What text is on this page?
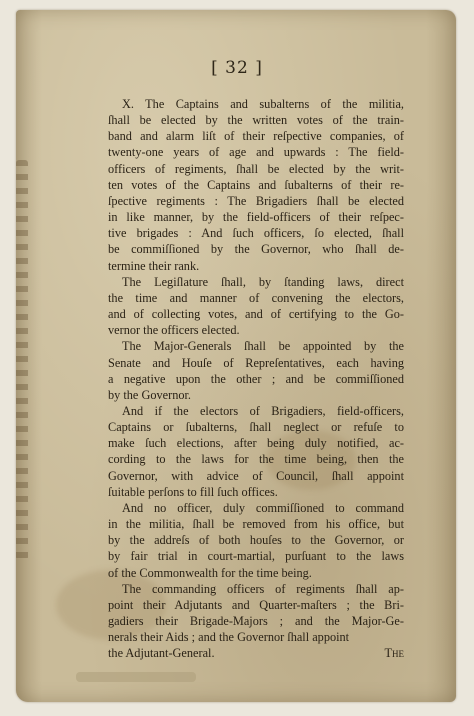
[ 32 ]
X. The Captains and subalterns of the militia,
ſhall be elected by the written votes of the train-
band and alarm liſt of their reſpective companies, of
twenty-one years of age and upwards : The field-
officers of regiments, ſhall be elected by the writ-
ten votes of the Captains and ſubalterns of their re-
ſpective regiments : The Brigadiers ſhall be elected
in like manner, by the field-officers of their reſpec-
tive brigades : And ſuch officers, ſo elected, ſhall
be commiſſioned by the Governor, who ſhall de-
termine their rank.
The Legiſlature ſhall, by ſtanding laws, direct
the time and manner of convening the electors,
and of collecting votes, and of certifying to the Go-
vernor the officers elected.
The Major-Generals ſhall be appointed by the
Senate and Houſe of Repreſentatives, each having
a negative upon the other ; and be commiſſioned
by the Governor.
And if the electors of Brigadiers, field-officers,
Captains or ſubalterns, ſhall neglect or refuſe to
make ſuch elections, after being duly notified, ac-
cording to the laws for the time being, then the
Governor, with advice of Council, ſhall appoint
ſuitable perſons to fill ſuch offices.
And no officer, duly commiſſioned to command
in the militia, ſhall be removed from his office, but
by the addreſs of both houſes to the Governor, or
by fair trial in court-martial, purſuant to the laws
of the Commonwealth for the time being.
The commanding officers of regiments ſhall ap-
point their Adjutants and Quarter-maſters ; the Bri-
gadiers their Brigade-Majors ; and the Major-Ge-
nerals their Aids ; and the Governor ſhall appoint
the Adjutant-General.	The
